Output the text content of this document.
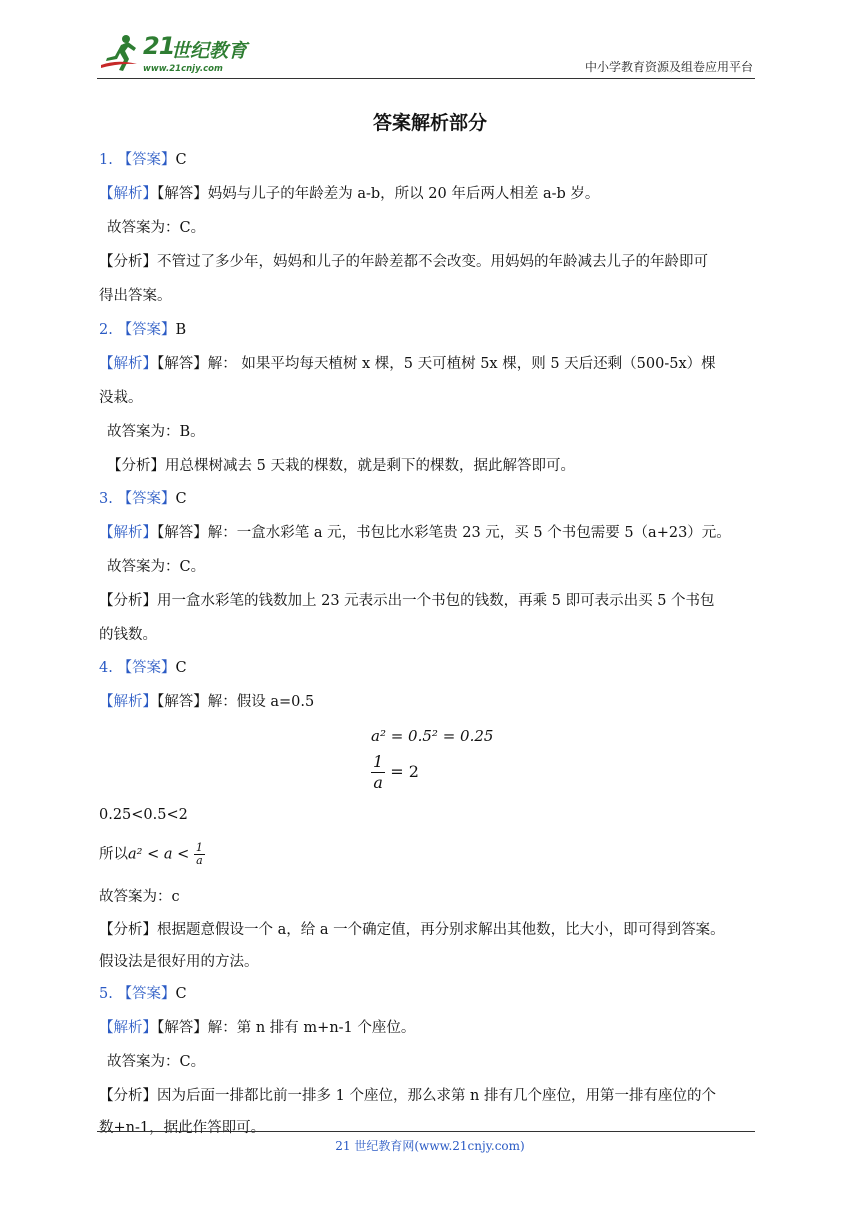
21
世纪教育
www.21cnjy.com	中小学教育资源及组卷应用平台
答案解析部分
1. 【答案】C
【解析】【解答】妈妈与儿子的年龄差为 a-b，所以 20 年后两人相差 a-b 岁。
故答案为：C。
【分析】不管过了多少年，妈妈和儿子的年龄差都不会改变。用妈妈的年龄减去儿子的年龄即可
得出答案。
2. 【答案】B
【解析】【解答】解： 如果平均每天植树 x 棵，5 天可植树 5x 棵，则 5 天后还剩（500-5x）棵
没栽。
故答案为：B。
【分析】用总棵树减去 5 天栽的棵数，就是剩下的棵数，据此解答即可。
3. 【答案】C
【解析】【解答】解：一盒水彩笔 a 元，书包比水彩笔贵 23 元，买 5 个书包需要 5（a+23）元。
故答案为：C。
【分析】用一盒水彩笔的钱数加上 23 元表示出一个书包的钱数，再乘 5 即可表示出买 5 个书包
的钱数。
4. 【答案】C
【解析】【解答】解：假设 a=0.5
a² = 0.5² = 0.25
$\frac{1}{a} = 2$
0.25<0.5<2
所以$a^2 < a < \frac{1}{a}$
故答案为：c
【分析】根据题意假设一个 a，给 a 一个确定值，再分别求解出其他数，比大小，即可得到答案。
假设法是很好用的方法。
5. 【答案】C
【解析】【解答】解：第 n 排有 m+n-1 个座位。
故答案为：C。
【分析】因为后面一排都比前一排多 1 个座位，那么求第 n 排有几个座位，用第一排有座位的个
数+n-1，据此作答即可。
21 世纪教育网(www.21cnjy.com)
